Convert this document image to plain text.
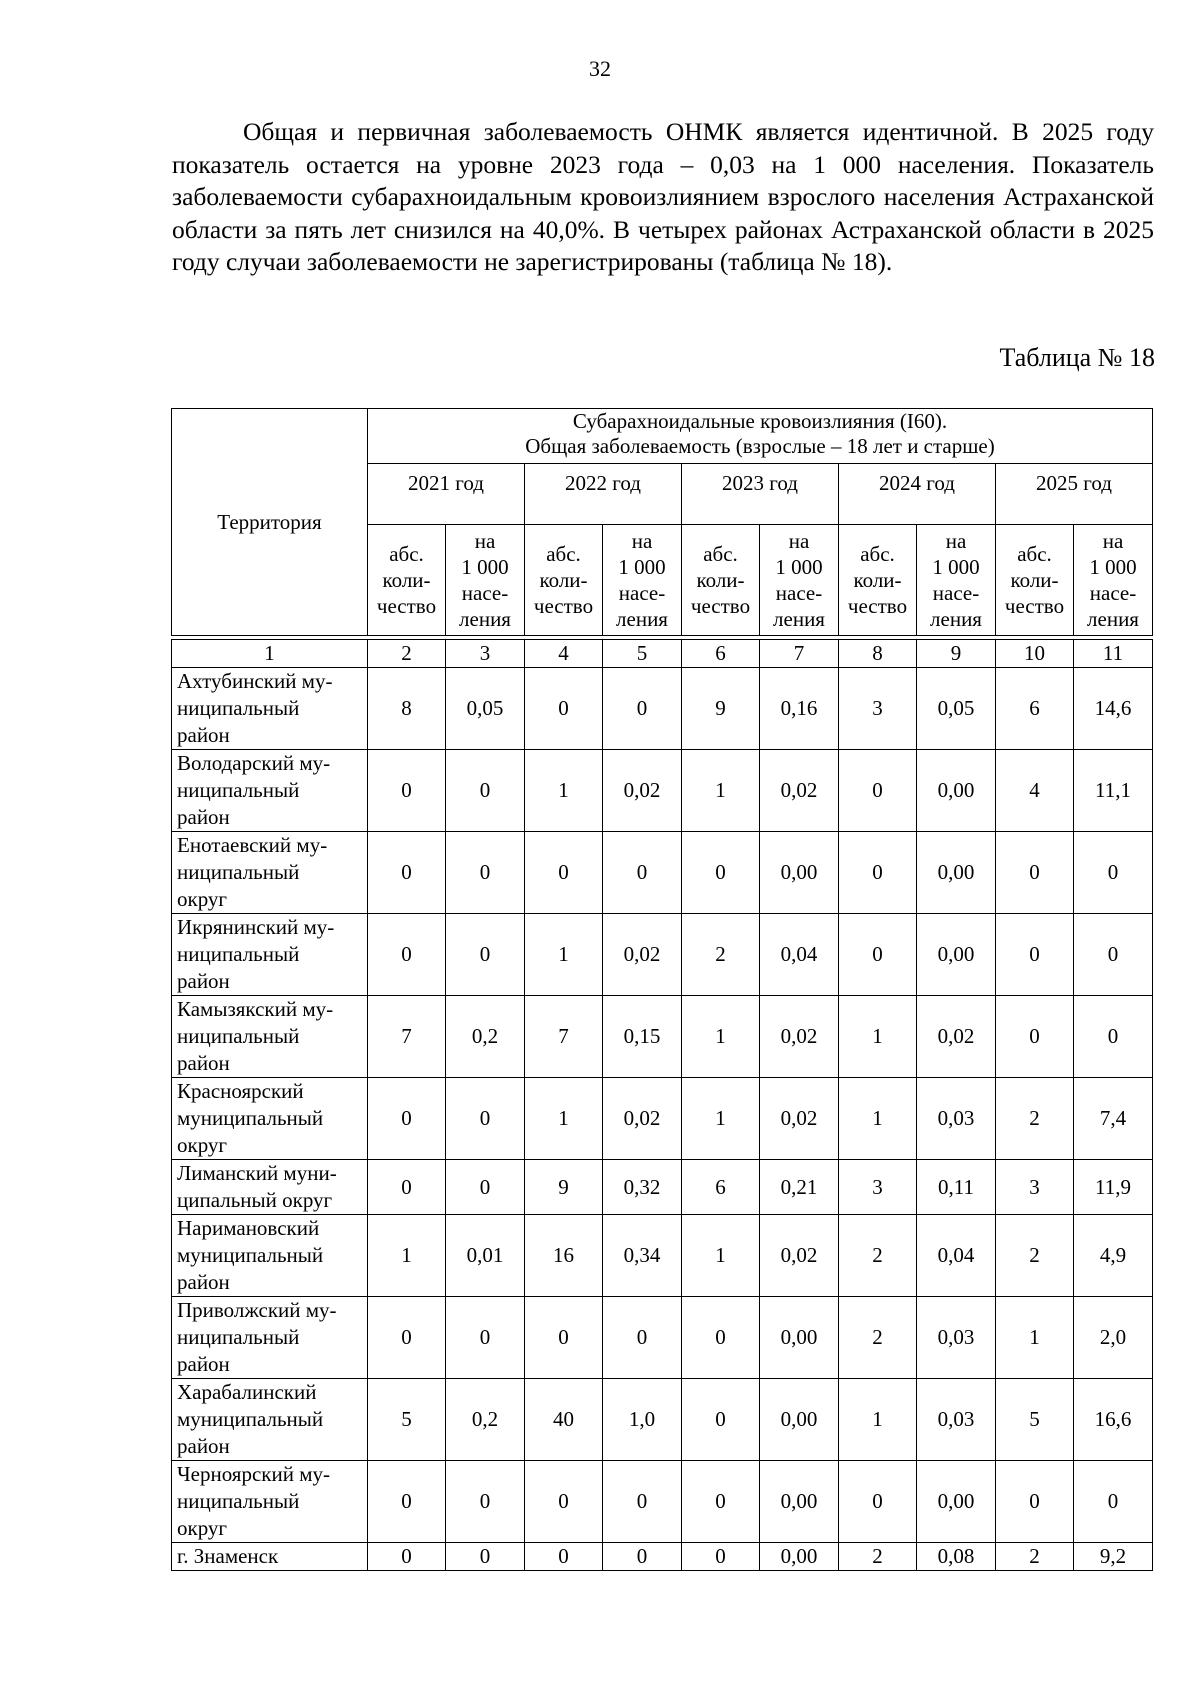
32

Общая и первичная заболеваемость ОНМК является идентичной. В 2025 году показатель остается на уровне 2023 года – 0,03 на 1 000 населения. Показатель заболеваемости субарахноидальным кровоизлиянием взрослого населения Астраханской области за пять лет снизился на 40,0%. В четырех районах Астраханской области в 2025 году случаи заболеваемости не зарегистрированы (таблица № 18).

Таблица № 18
Территория	Субарахноидальные кровоизлияния (I60).
Общая заболеваемость (взрослые – 18 лет и старше)									
	2021 год		2022 год		2023 год		2024 год		2025 год	
	абс.
коли-
чество	на
1 000
насе-
ления	абс.
коли-
чество	на
1 000
насе-
ления	абс.
коли-
чество	на
1 000
насе-
ления	абс.
коли-
чество	на
1 000
насе-
ления	абс.
коли-
чество	на
1 000
насе-
ления

1	2	3	4	5	6	7	8	9	10	11
Ахтубинский му-
ниципальный
район	8	0,05	0	0	9	0,16	3	0,05	6	14,6
Володарский му-
ниципальный
район	0	0	1	0,02	1	0,02	0	0,00	4	11,1
Енотаевский му-
ниципальный
округ	0	0	0	0	0	0,00	0	0,00	0	0
Икрянинский му-
ниципальный
район	0	0	1	0,02	2	0,04	0	0,00	0	0
Камызякский му-
ниципальный
район	7	0,2	7	0,15	1	0,02	1	0,02	0	0
Красноярский
муниципальный
округ	0	0	1	0,02	1	0,02	1	0,03	2	7,4
Лиманский муни-
ципальный округ	0	0	9	0,32	6	0,21	3	0,11	3	11,9
Наримановский
муниципальный
район	1	0,01	16	0,34	1	0,02	2	0,04	2	4,9
Приволжский му-
ниципальный
район	0	0	0	0	0	0,00	2	0,03	1	2,0
Харабалинский
муниципальный
район	5	0,2	40	1,0	0	0,00	1	0,03	5	16,6
Черноярский му-
ниципальный
округ	0	0	0	0	0	0,00	0	0,00	0	0
г. Знаменск	0	0	0	0	0	0,00	2	0,08	2	9,2
